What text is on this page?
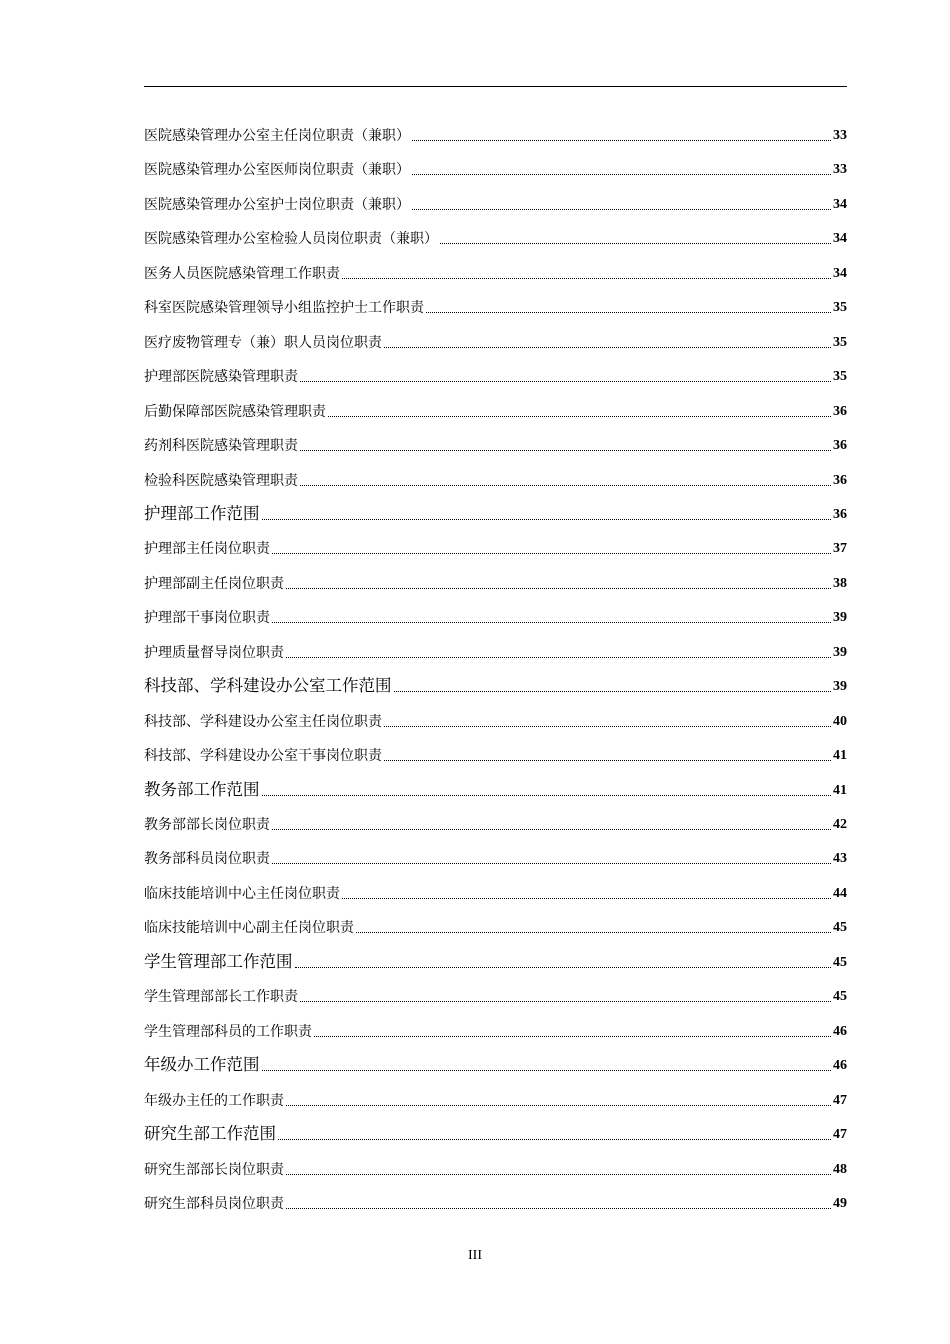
医院感染管理办公室主任岗位职责（兼职）	33
医院感染管理办公室医师岗位职责（兼职）	33
医院感染管理办公室护士岗位职责（兼职）	34
医院感染管理办公室检验人员岗位职责（兼职）	34
医务人员医院感染管理工作职责	34
科室医院感染管理领导小组监控护士工作职责	35
医疗废物管理专（兼）职人员岗位职责	35
护理部医院感染管理职责	35
后勤保障部医院感染管理职责	36
药剂科医院感染管理职责	36
检验科医院感染管理职责	36
护理部工作范围	36
护理部主任岗位职责	37
护理部副主任岗位职责	38
护理部干事岗位职责	39
护理质量督导岗位职责	39
科技部、学科建设办公室工作范围	39
科技部、学科建设办公室主任岗位职责	40
科技部、学科建设办公室干事岗位职责	41
教务部工作范围	41
教务部部长岗位职责	42
教务部科员岗位职责	43
临床技能培训中心主任岗位职责	44
临床技能培训中心副主任岗位职责	45
学生管理部工作范围	45
学生管理部部长工作职责	45
学生管理部科员的工作职责	46
年级办工作范围	46
年级办主任的工作职责	47
研究生部工作范围	47
研究生部部长岗位职责	48
研究生部科员岗位职责	49
III
